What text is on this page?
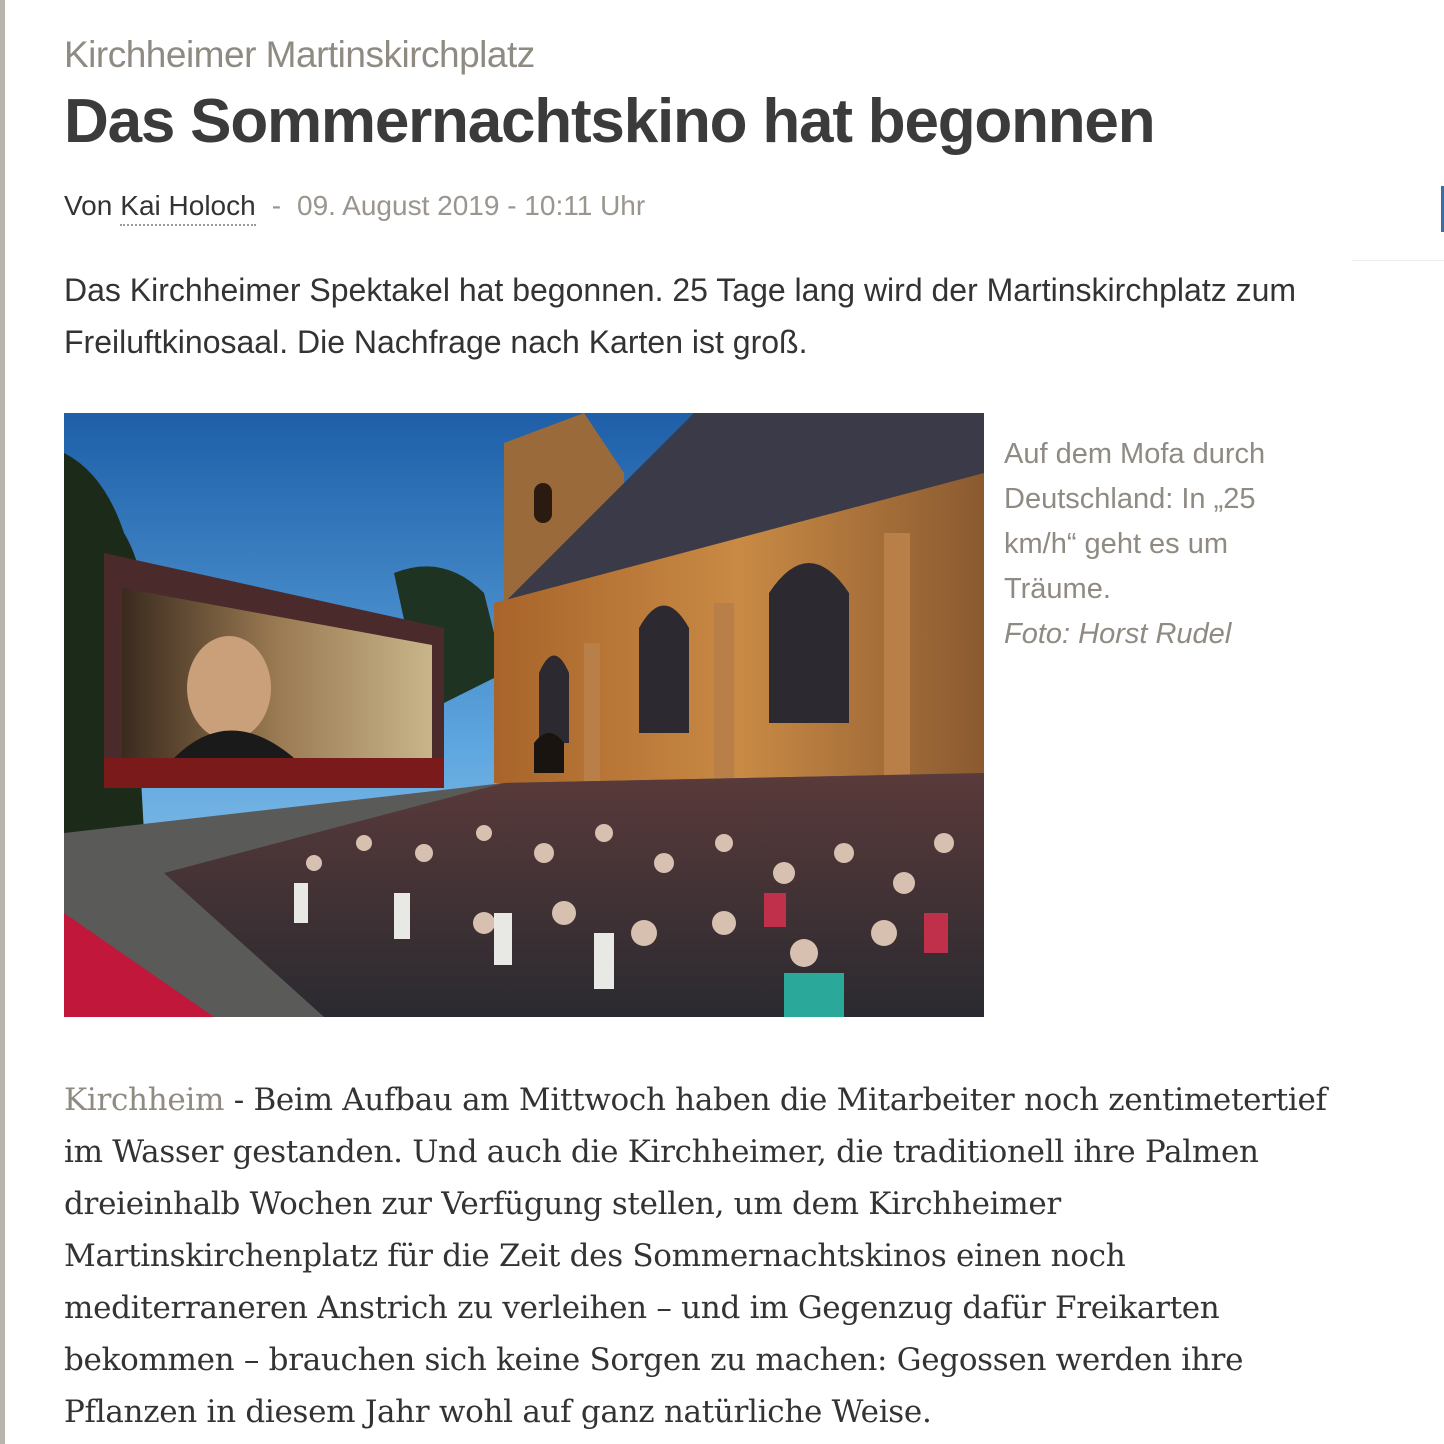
Kirchheimer Martinskirchplatz
Das Sommernachtskino hat begonnen
Von Kai Holoch - 09. August 2019 - 10:11 Uhr

Das Kirchheimer Spektakel hat begonnen. 25 Tage lang wird der Martinskirchplatz zum Freiluftkinosaal. Die Nachfrage nach Karten ist groß.

Auf dem Mofa durch Deutschland: In „25 km/h“ geht es um Träume.
Foto: Horst Rudel

Kirchheim - Beim Aufbau am Mittwoch haben die Mitarbeiter noch zentimetertief im Wasser gestanden. Und auch die Kirchheimer, die traditionell ihre Palmen dreieinhalb Wochen zur Verfügung stellen, um dem Kirchheimer Martinskirchenplatz für die Zeit des Sommernachtskinos einen noch mediterraneren Anstrich zu verleihen – und im Gegenzug dafür Freikarten bekommen – brauchen sich keine Sorgen zu machen: Gegossen werden ihre Pflanzen in diesem Jahr wohl auf ganz natürliche Weise.
